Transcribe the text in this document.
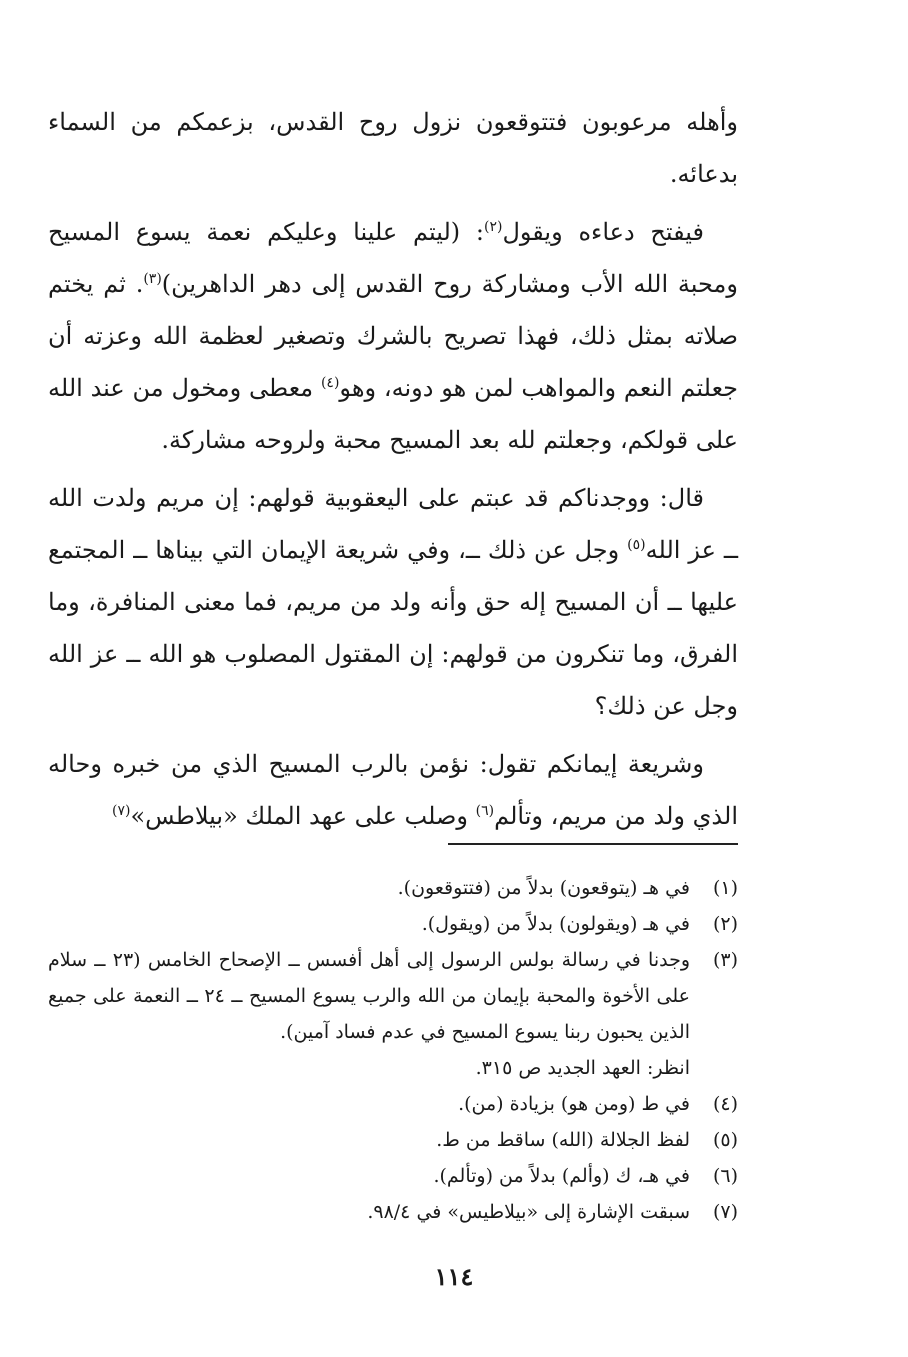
وأهله مرعوبون فتتوقعون نزول روح القدس، بزعمكم من السماء بدعائه.

فيفتح دعاءه ويقول$^{(٢)}$: (ليتم علينا وعليكم نعمة يسوع المسيح ومحبة الله الأب ومشاركة روح القدس إلى دهر الداهرين)$^{(٣)}$. ثم يختم صلاته بمثل ذلك، فهذا تصريح بالشرك وتصغير لعظمة الله وعزته أن جعلتم النعم والمواهب لمن هو دونه، وهو$^{(٤)}$ معطى ومخول من عند الله على قولكم، وجعلتم لله بعد المسيح محبة ولروحه مشاركة.

قال: ووجدناكم قد عبتم على اليعقوبية قولهم: إن مريم ولدت الله ــ عز الله$^{(٥)}$ وجل عن ذلك ــ، وفي شريعة الإيمان التي بيناها ــ المجتمع عليها ــ أن المسيح إله حق وأنه ولد من مريم، فما معنى المنافرة، وما الفرق، وما تنكرون من قولهم: إن المقتول المصلوب هو الله ــ عز الله وجل عن ذلك؟

وشريعة إيمانكم تقول: نؤمن بالرب المسيح الذي من خبره وحاله الذي ولد من مريم، وتألم$^{(٦)}$ وصلب على عهد الملك «بيلاطس»$^{(٧)}$

(١)
في هـ (يتوقعون) بدلاً من (فتتوقعون).
(٢)
في هـ (ويقولون) بدلاً من (ويقول).
(٣)
وجدنا في رسالة بولس الرسول إلى أهل أفسس ــ الإصحاح الخامس (٢٣ ــ سلام على الأخوة والمحبة بإيمان من الله والرب يسوع المسيح ــ ٢٤ ــ النعمة على جميع الذين يحبون ربنا يسوع المسيح في عدم فساد آمين).
انظر: العهد الجديد ص ٣١٥.
(٤)
في ط (ومن هو) بزيادة (من).
(٥)
لفظ الجلالة (الله) ساقط من ط.
(٦)
في هـ، ك (وألم) بدلاً من (وتألم).
(٧)
سبقت الإشارة إلى «بيلاطيس» في ٩٨/٤.
١١٤
